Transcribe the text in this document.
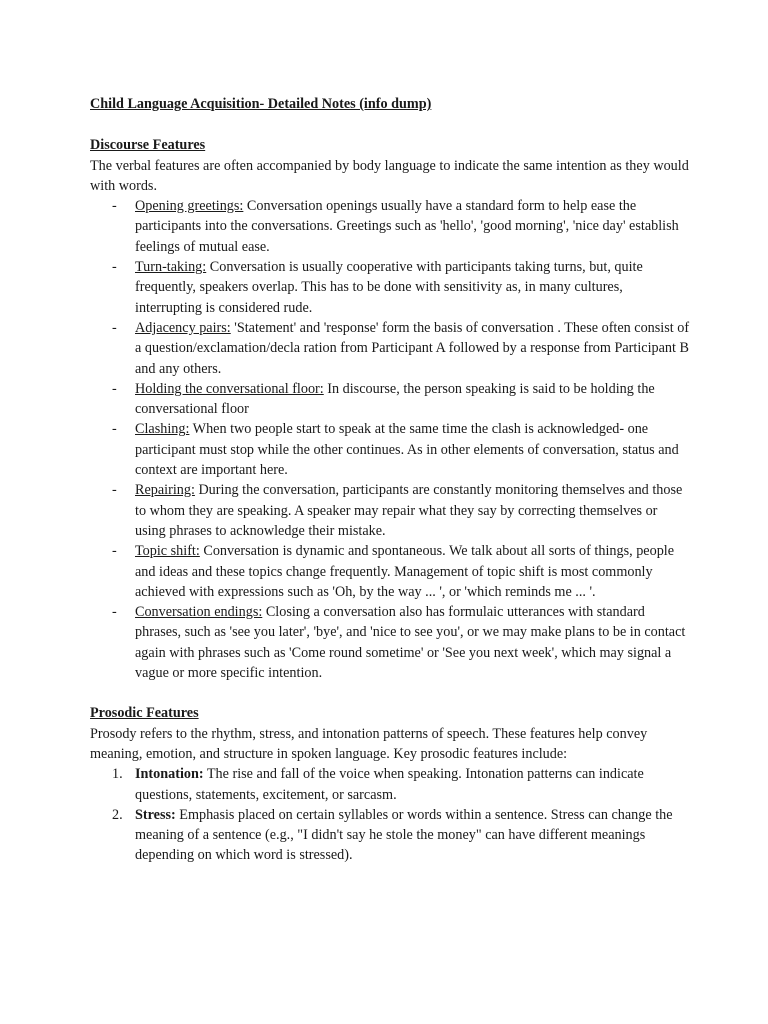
Child Language Acquisition- Detailed Notes (info dump)
Discourse Features

The verbal features are often accompanied by body language to indicate the same intention as they would with words.

- Opening greetings: Conversation openings usually have a standard form to help ease the participants into the conversations. Greetings such as 'hello', 'good morning', 'nice day' establish feelings of mutual ease.
- Turn-taking: Conversation is usually cooperative with participants taking turns, but, quite frequently, speakers overlap. This has to be done with sensitivity as, in many cultures, interrupting is considered rude.
- Adjacency pairs: 'Statement' and 'response' form the basis of conversation . These often consist of a question/exclamation/decla ration from Participant A followed by a response from Participant B and any others.
- Holding the conversational floor: In discourse, the person speaking is said to be holding the conversational floor
- Clashing: When two people start to speak at the same time the clash is acknowledged- one participant must stop while the other continues. As in other elements of conversation, status and context are important here.
- Repairing: During the conversation, participants are constantly monitoring themselves and those to whom they are speaking. A speaker may repair what they say by correcting themselves or using phrases to acknowledge their mistake.
- Topic shift: Conversation is dynamic and spontaneous. We talk about all sorts of things, people and ideas and these topics change frequently. Management of topic shift is most commonly achieved with expressions such as 'Oh, by the way ... ', or 'which reminds me ... '.
- Conversation endings: Closing a conversation also has formulaic utterances with standard phrases, such as 'see you later', 'bye', and 'nice to see you', or we may make plans to be in contact again with phrases such as 'Come round sometime' or 'See you next week', which may signal a vague or more specific intention.
Prosodic Features

Prosody refers to the rhythm, stress, and intonation patterns of speech. These features help convey meaning, emotion, and structure in spoken language. Key prosodic features include:

1. Intonation: The rise and fall of the voice when speaking. Intonation patterns can indicate questions, statements, excitement, or sarcasm.
2. Stress: Emphasis placed on certain syllables or words within a sentence. Stress can change the meaning of a sentence (e.g., "I didn't say he stole the money" can have different meanings depending on which word is stressed).
